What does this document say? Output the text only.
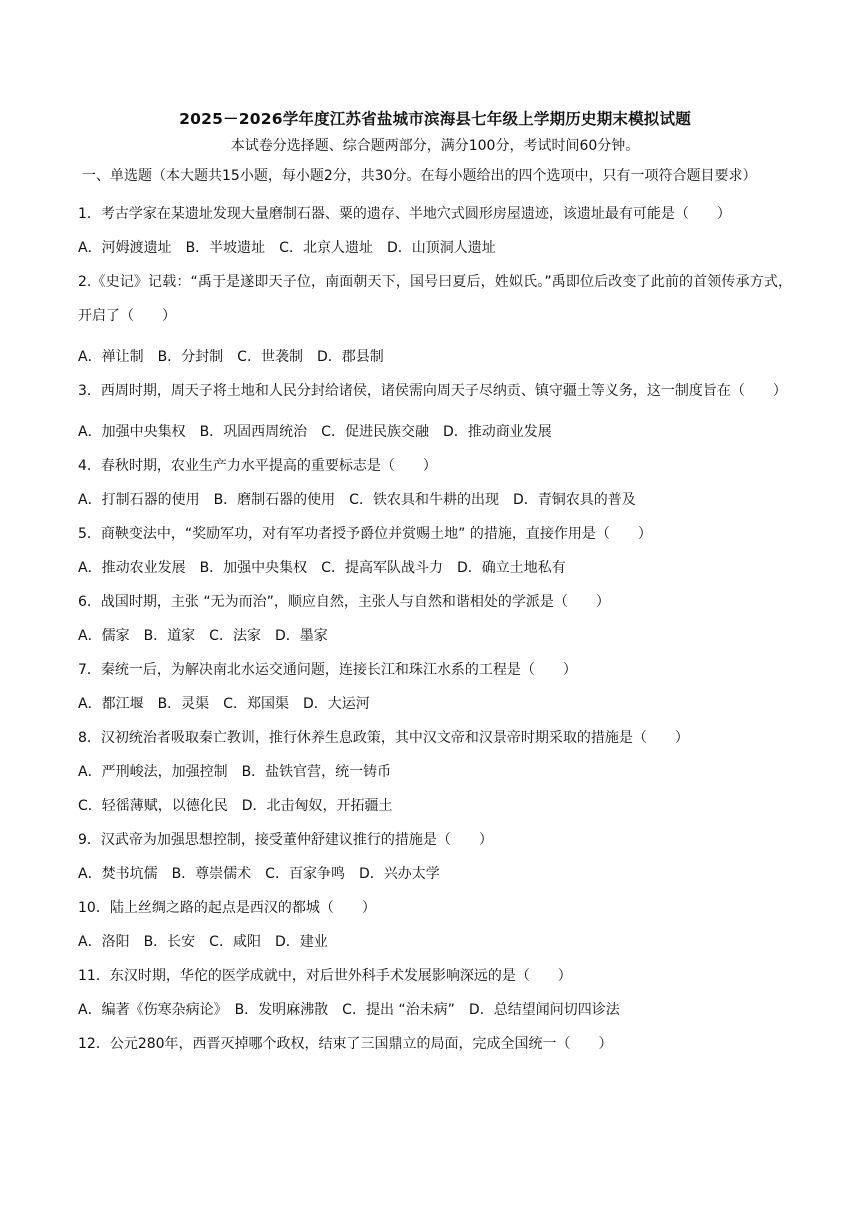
2025－2026学年度江苏省盐城市滨海县七年级上学期历史期末模拟试题
本试卷分选择题、综合题两部分，满分100分，考试时间60分钟。
一、单选题（本大题共15小题，每小题2分，共30分。在每小题给出的四个选项中，只有一项符合题目要求）
1．考古学家在某遗址发现大量磨制石器、粟的遗存、半地穴式圆形房屋遗迹，该遗址最有可能是（　　）
A．河姆渡遗址　B．半坡遗址　C．北京人遗址　D．山顶洞人遗址
2.《史记》记载：“禹于是遂即天子位，南面朝天下，国号曰夏后，姓姒氏。”禹即位后改变了此前的首领传承方式，开启了（　　）
A．禅让制　B．分封制　C．世袭制　D．郡县制
3．西周时期，周天子将土地和人民分封给诸侯，诸侯需向周天子尽纳贡、镇守疆土等义务，这一制度旨在（　　）
A．加强中央集权　B．巩固西周统治　C．促进民族交融　D．推动商业发展
4．春秋时期，农业生产力水平提高的重要标志是（　　）
A．打制石器的使用　B．磨制石器的使用　C．铁农具和牛耕的出现　D．青铜农具的普及
5．商鞅变法中，“奖励军功，对有军功者授予爵位并赏赐土地” 的措施，直接作用是（　　）
A．推动农业发展　B．加强中央集权　C．提高军队战斗力　D．确立土地私有
6．战国时期，主张 “无为而治”，顺应自然，主张人与自然和谐相处的学派是（　　）
A．儒家　B．道家　C．法家　D．墨家
7．秦统一后，为解决南北水运交通问题，连接长江和珠江水系的工程是（　　）
A．都江堰　B．灵渠　C．郑国渠　D．大运河
8．汉初统治者吸取秦亡教训，推行休养生息政策，其中汉文帝和汉景帝时期采取的措施是（　　）
A．严刑峻法，加强控制　B．盐铁官营，统一铸币
C．轻徭薄赋，以德化民　D．北击匈奴，开拓疆土
9．汉武帝为加强思想控制，接受董仲舒建议推行的措施是（　　）
A．焚书坑儒　B．尊崇儒术　C．百家争鸣　D．兴办太学
10．陆上丝绸之路的起点是西汉的都城（　　）
A．洛阳　B．长安　C．咸阳　D．建业
11．东汉时期，华佗的医学成就中，对后世外科手术发展影响深远的是（　　）
A．编著《伤寒杂病论》　B．发明麻沸散　C．提出 “治未病”　D．总结望闻问切四诊法
12．公元280年，西晋灭掉哪个政权，结束了三国鼎立的局面，完成全国统一（　　）
